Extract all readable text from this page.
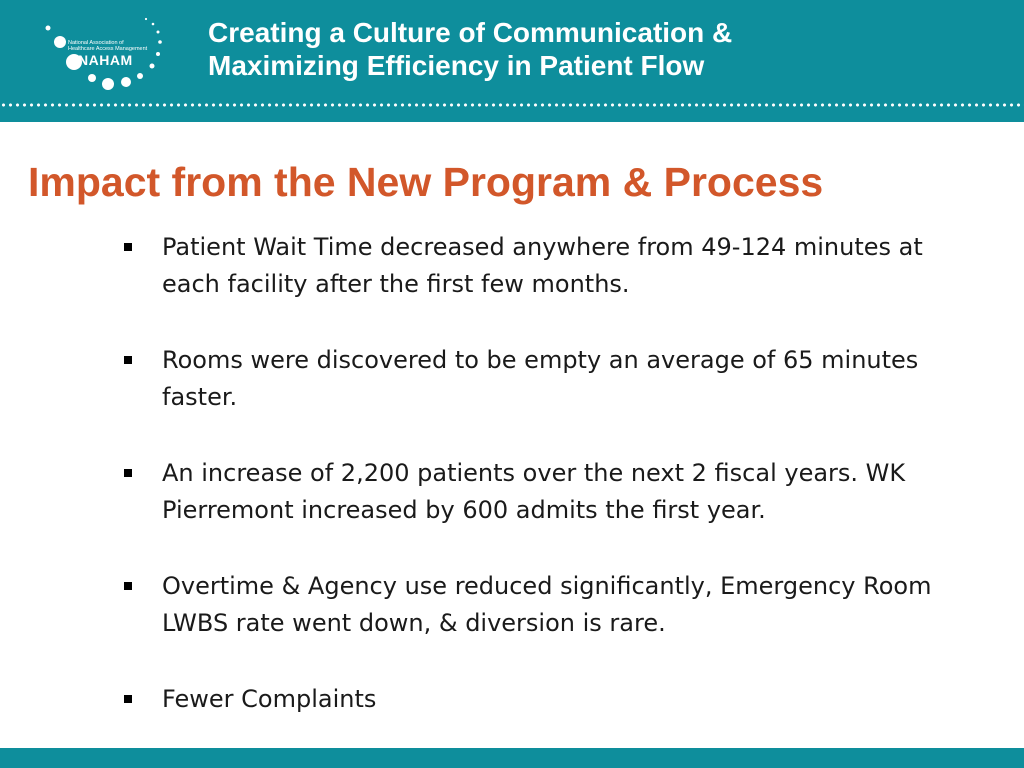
National Association of
Healthcare Access Management
NAHAM
Creating a Culture of Communication &
Maximizing Efficiency in Patient Flow
Impact from the New Program & Process
Patient Wait Time decreased anywhere from 49-124 minutes at each facility after the first few months.
Rooms were discovered to be empty an average of 65 minutes faster.
An increase of 2,200 patients over the next 2 fiscal years. WK Pierremont increased by 600 admits the first year.
Overtime & Agency use reduced significantly, Emergency Room LWBS rate went down, & diversion is rare.
Fewer Complaints
